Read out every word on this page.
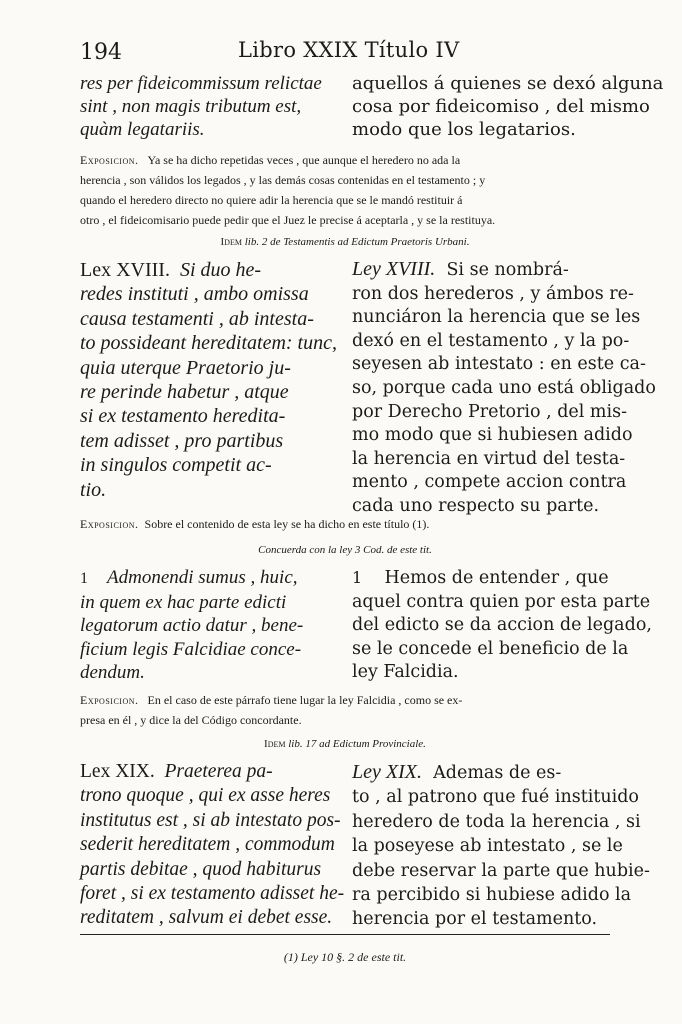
194	Libro XXIX Título IV
res per fideicommissum relictae
sint , non magis tributum est,
quàm legatariis.
aquellos á quienes se dexó alguna
cosa por fideicomiso , del mismo
modo que los legatarios.
Exposicion. Ya se ha dicho repetidas veces , que aunque el heredero no ada la
herencia , son válidos los legados , y las demás cosas contenidas en el testamento ; y
quando el heredero directo no quiere adir la herencia que se le mandó restituir á
otro , el fideicomisario puede pedir que el Juez le precise á aceptarla , y se la restituya.
Idem lib. 2 de Testamentis ad Edictum Praetoris Urbani.
Lex XVIII. Si duo he-
redes instituti , ambo omissa
causa testamenti , ab intesta-
to possideant hereditatem: tunc,
quia uterque Praetorio ju-
re perinde habetur , atque
si ex testamento heredita-
tem adisset , pro partibus
in singulos competit ac-
tio.
Ley XVIII. Si se nombrá-
ron dos herederos , y ámbos re-
nunciáron la herencia que se les
dexó en el testamento , y la po-
seyesen ab intestato : en este ca-
so, porque cada uno está obligado
por Derecho Pretorio , del mis-
mo modo que si hubiesen adido
la herencia en virtud del testa-
mento , compete accion contra
cada uno respecto su parte.
Exposicion. Sobre el contenido de esta ley se ha dicho en este título (1).
Concuerda con la ley 3 Cod. de este tit.
1 Admonendi sumus , huic,
in quem ex hac parte edicti
legatorum actio datur , bene-
ficium legis Falcidiae conce-
dendum.
1 Hemos de entender , que
aquel contra quien por esta parte
del edicto se da accion de legado,
se le concede el beneficio de la
ley Falcidia.
Exposicion. En el caso de este párrafo tiene lugar la ley Falcidia , como se ex-
presa en él , y dice la del Código concordante.
Idem lib. 17 ad Edictum Provinciale.
Lex XIX. Praeterea pa-
trono quoque , qui ex asse heres
institutus est , si ab intestato pos-
sederit hereditatem , commodum
partis debitae , quod habiturus
foret , si ex testamento adisset he-
reditatem , salvum ei debet esse.
Ley XIX. Ademas de es-
to , al patrono que fué instituido
heredero de toda la herencia , si
la poseyese ab intestato , se le
debe reservar la parte que hubie-
ra percibido si hubiese adido la
herencia por el testamento.
(1) Ley 10 §. 2 de este tit.
